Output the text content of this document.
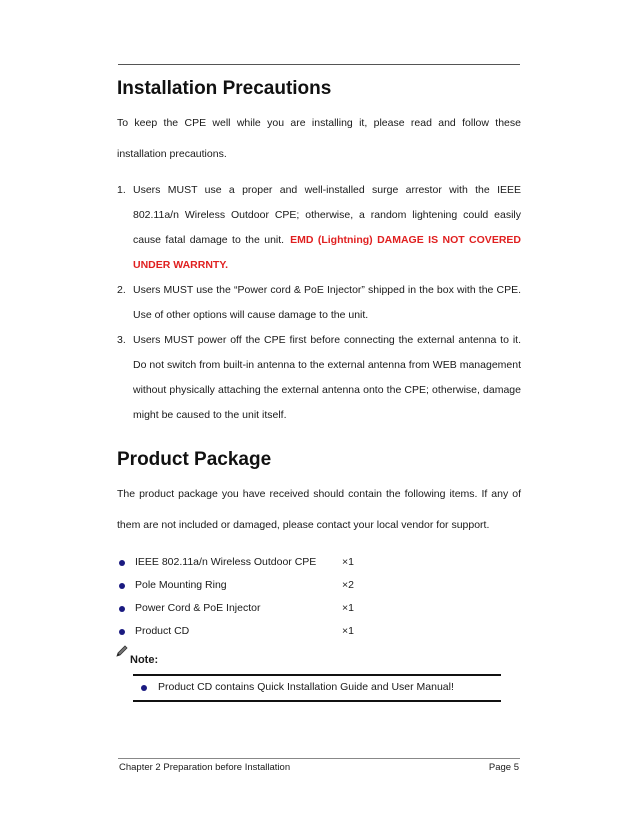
Installation Precautions

To keep the CPE well while you are installing it, please read and follow these installation precautions.

1. Users MUST use a proper and well-installed surge arrestor with the IEEE 802.11a/n Wireless Outdoor CPE; otherwise, a random lightening could easily cause fatal damage to the unit. EMD (Lightning) DAMAGE IS NOT COVERED UNDER WARRNTY.
2. Users MUST use the “Power cord & PoE Injector” shipped in the box with the CPE. Use of other options will cause damage to the unit.
3. Users MUST power off the CPE first before connecting the external antenna to it. Do not switch from built-in antenna to the external antenna from WEB management without physically attaching the external antenna onto the CPE; otherwise, damage might be caused to the unit itself.
Product Package

The product package you have received should contain the following items. If any of them are not included or damaged, please contact your local vendor for support.

IEEE 802.11a/n Wireless Outdoor CPE ×1
Pole Mounting Ring	×2
Power Cord & PoE Injector	×1
Product CD	×1
Note:
Product CD contains Quick Installation Guide and User Manual!
Chapter 2 Preparation before Installation	Page 5
